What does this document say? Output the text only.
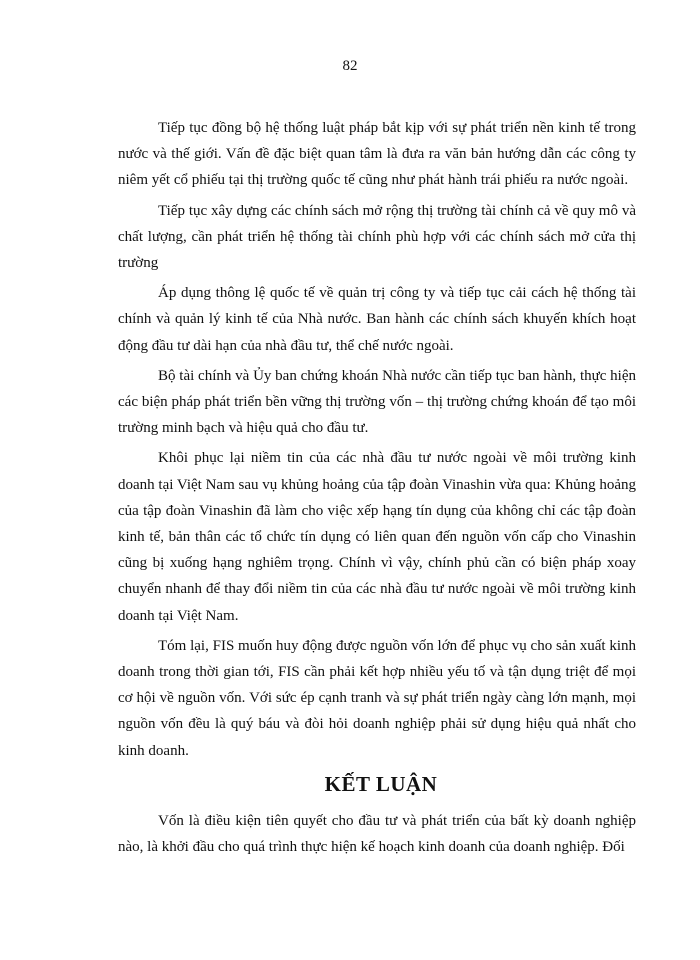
82

Tiếp tục đồng bộ hệ thống luật pháp bắt kịp với sự phát triển nền kinh tế trong nước và thế giới. Vấn đề đặc biệt quan tâm là đưa ra văn bản hướng dẫn các công ty niêm yết cổ phiếu tại thị trường quốc tế cũng như phát hành trái phiếu ra nước ngoài.

Tiếp tục xây dựng các chính sách mở rộng thị trường tài chính cả về quy mô và chất lượng, cần phát triển hệ thống tài chính phù hợp với các chính sách mở cửa thị trường

Áp dụng thông lệ quốc tế về quản trị công ty và tiếp tục cải cách hệ thống tài chính và quản lý kinh tế của Nhà nước. Ban hành các chính sách khuyến khích hoạt động đầu tư dài hạn của nhà đầu tư, thể chế nước ngoài.

Bộ tài chính và Ủy ban chứng khoán Nhà nước cần tiếp tục ban hành, thực hiện các biện pháp phát triển bền vững thị trường vốn – thị trường chứng khoán để tạo môi trường minh bạch và hiệu quả cho đầu tư.

Khôi phục lại niềm tin của các nhà đầu tư nước ngoài về môi trường kinh doanh tại Việt Nam sau vụ khủng hoảng của tập đoàn Vinashin vừa qua: Khủng hoảng của tập đoàn Vinashin đã làm cho việc xếp hạng tín dụng của không chỉ các tập đoàn kinh tế, bản thân các tổ chức tín dụng có liên quan đến nguồn vốn cấp cho Vinashin cũng bị xuống hạng nghiêm trọng. Chính vì vậy, chính phủ cần có biện pháp xoay chuyển nhanh để thay đổi niềm tin của các nhà đầu tư nước ngoài về môi trường kinh doanh tại Việt Nam.

Tóm lại, FIS muốn huy động được nguồn vốn lớn để phục vụ cho sản xuất kinh doanh trong thời gian tới, FIS cần phải kết hợp nhiều yếu tố và tận dụng triệt để mọi cơ hội về nguồn vốn. Với sức ép cạnh tranh và sự phát triển ngày càng lớn mạnh, mọi nguồn vốn đều là quý báu và đòi hỏi doanh nghiệp phải sử dụng hiệu quả nhất cho kinh doanh.

KẾT LUẬN

Vốn là điều kiện tiên quyết cho đầu tư và phát triển của bất kỳ doanh nghiệp nào, là khởi đầu cho quá trình thực hiện kế hoạch kinh doanh của doanh nghiệp. Đối
